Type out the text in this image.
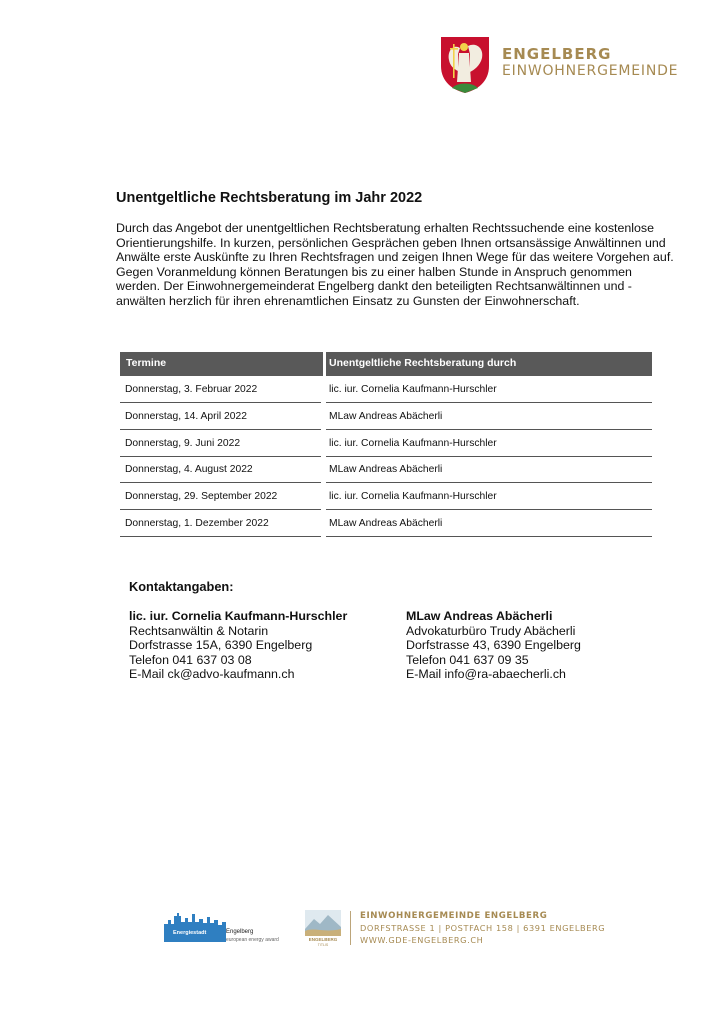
ENGELBERG
EINWOHNERGEMEINDE
Unentgeltliche Rechtsberatung im Jahr 2022

Durch das Angebot der unentgeltlichen Rechtsberatung erhalten Rechtssuchende eine kostenlose Orientierungshilfe. In kurzen, persönlichen Gesprächen geben Ihnen ortsansässige Anwältinnen und Anwälte erste Auskünfte zu Ihren Rechtsfragen und zeigen Ihnen Wege für das weitere Vorgehen auf. Gegen Voranmeldung können Beratungen bis zu einer halben Stunde in Anspruch genommen werden. Der Einwohnergemeinderat Engelberg dankt den beteiligten Rechtsanwältinnen und -anwälten herzlich für ihren ehrenamtlichen Einsatz zu Gunsten der Einwohnerschaft.

Termine	Unentgeltliche Rechtsberatung durch
Donnerstag, 3. Februar 2022	lic. iur. Cornelia Kaufmann-Hurschler
Donnerstag, 14. April 2022	MLaw Andreas Abächerli
Donnerstag, 9. Juni 2022	lic. iur. Cornelia Kaufmann-Hurschler
Donnerstag, 4. August 2022	MLaw Andreas Abächerli
Donnerstag, 29. September 2022	lic. iur. Cornelia Kaufmann-Hurschler
Donnerstag, 1. Dezember 2022	MLaw Andreas Abächerli
Kontaktangaben:
lic. iur. Cornelia Kaufmann-Hurschler
Rechtsanwältin & Notarin
Dorfstrasse 15A, 6390 Engelberg
Telefon 041 637 03 08
E-Mail ck@advo-kaufmann.ch
MLaw Andreas Abächerli
Advokaturbüro Trudy Abächerli
Dorfstrasse 43, 6390 Engelberg
Telefon 041 637 09 35
E-Mail info@ra-abaecherli.ch
Energiestadt	Engelberg
european energy award	ENGELBERG
TITLIS
EINWOHNERGEMEINDE ENGELBERG
DORFSTRASSE 1 | POSTFACH 158 | 6391 ENGELBERG
WWW.GDE-ENGELBERG.CH
